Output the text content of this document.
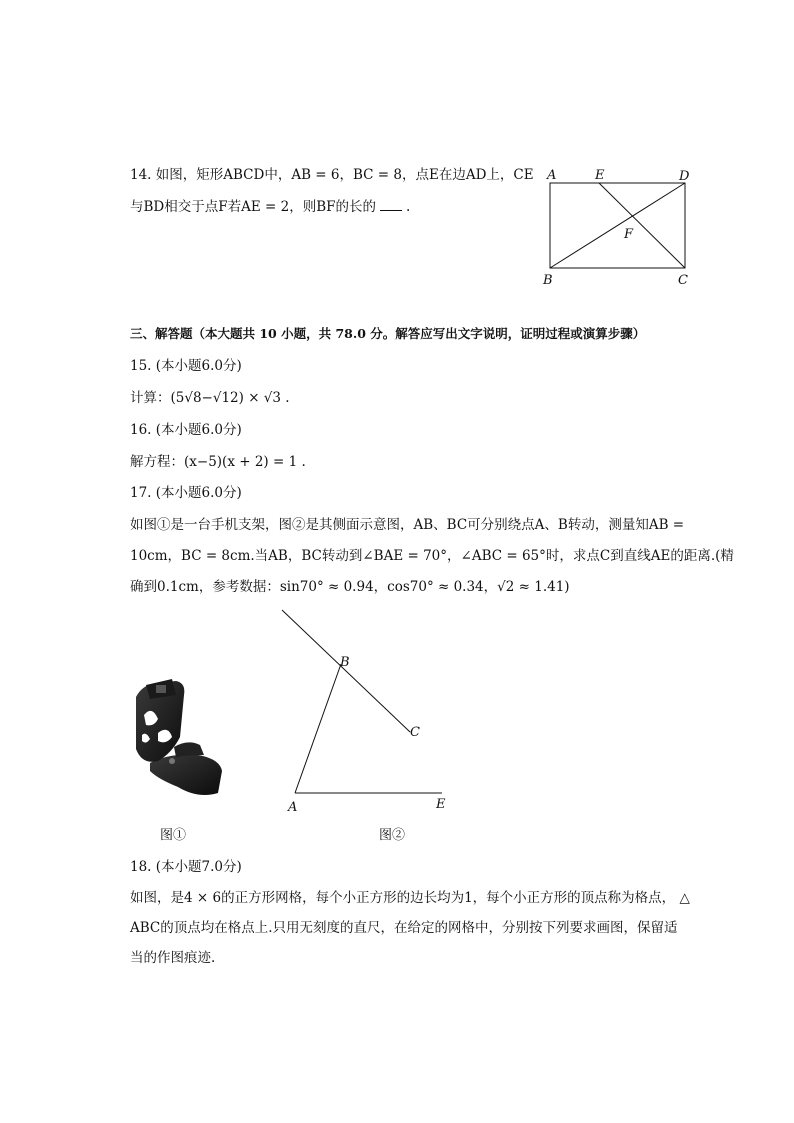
14. 如图，矩形ABCD中，AB = 6，BC = 8，点E在边AD上，CE
与BD相交于点F若AE = 2，则BF的长的 .
A	E	D
F
B	C
三、解答题（本大题共 10 小题，共 78.0 分。解答应写出文字说明，证明过程或演算步骤）
15. (本小题6.0分)
计算：(5√8−√12) × √3 .
16. (本小题6.0分)
解方程：(x−5)(x + 2) = 1 .
17. (本小题6.0分)
如图①是一台手机支架，图②是其侧面示意图，AB、BC可分别绕点A、B转动，测量知AB =
10cm，BC = 8cm.当AB，BC转动到∠BAE = 70°，∠ABC = 65°时，求点C到直线AE的距离.(精
确到0.1cm，参考数据：sin70° ≈ 0.94，cos70° ≈ 0.34，√2 ≈ 1.41)
图①
B
C
A	E
图②
18. (本小题7.0分)
如图，是4 × 6的正方形网格，每个小正方形的边长均为1，每个小正方形的顶点称为格点， △
ABC的顶点均在格点上.只用无刻度的直尺，在给定的网格中，分别按下列要求画图，保留适
当的作图痕迹.
